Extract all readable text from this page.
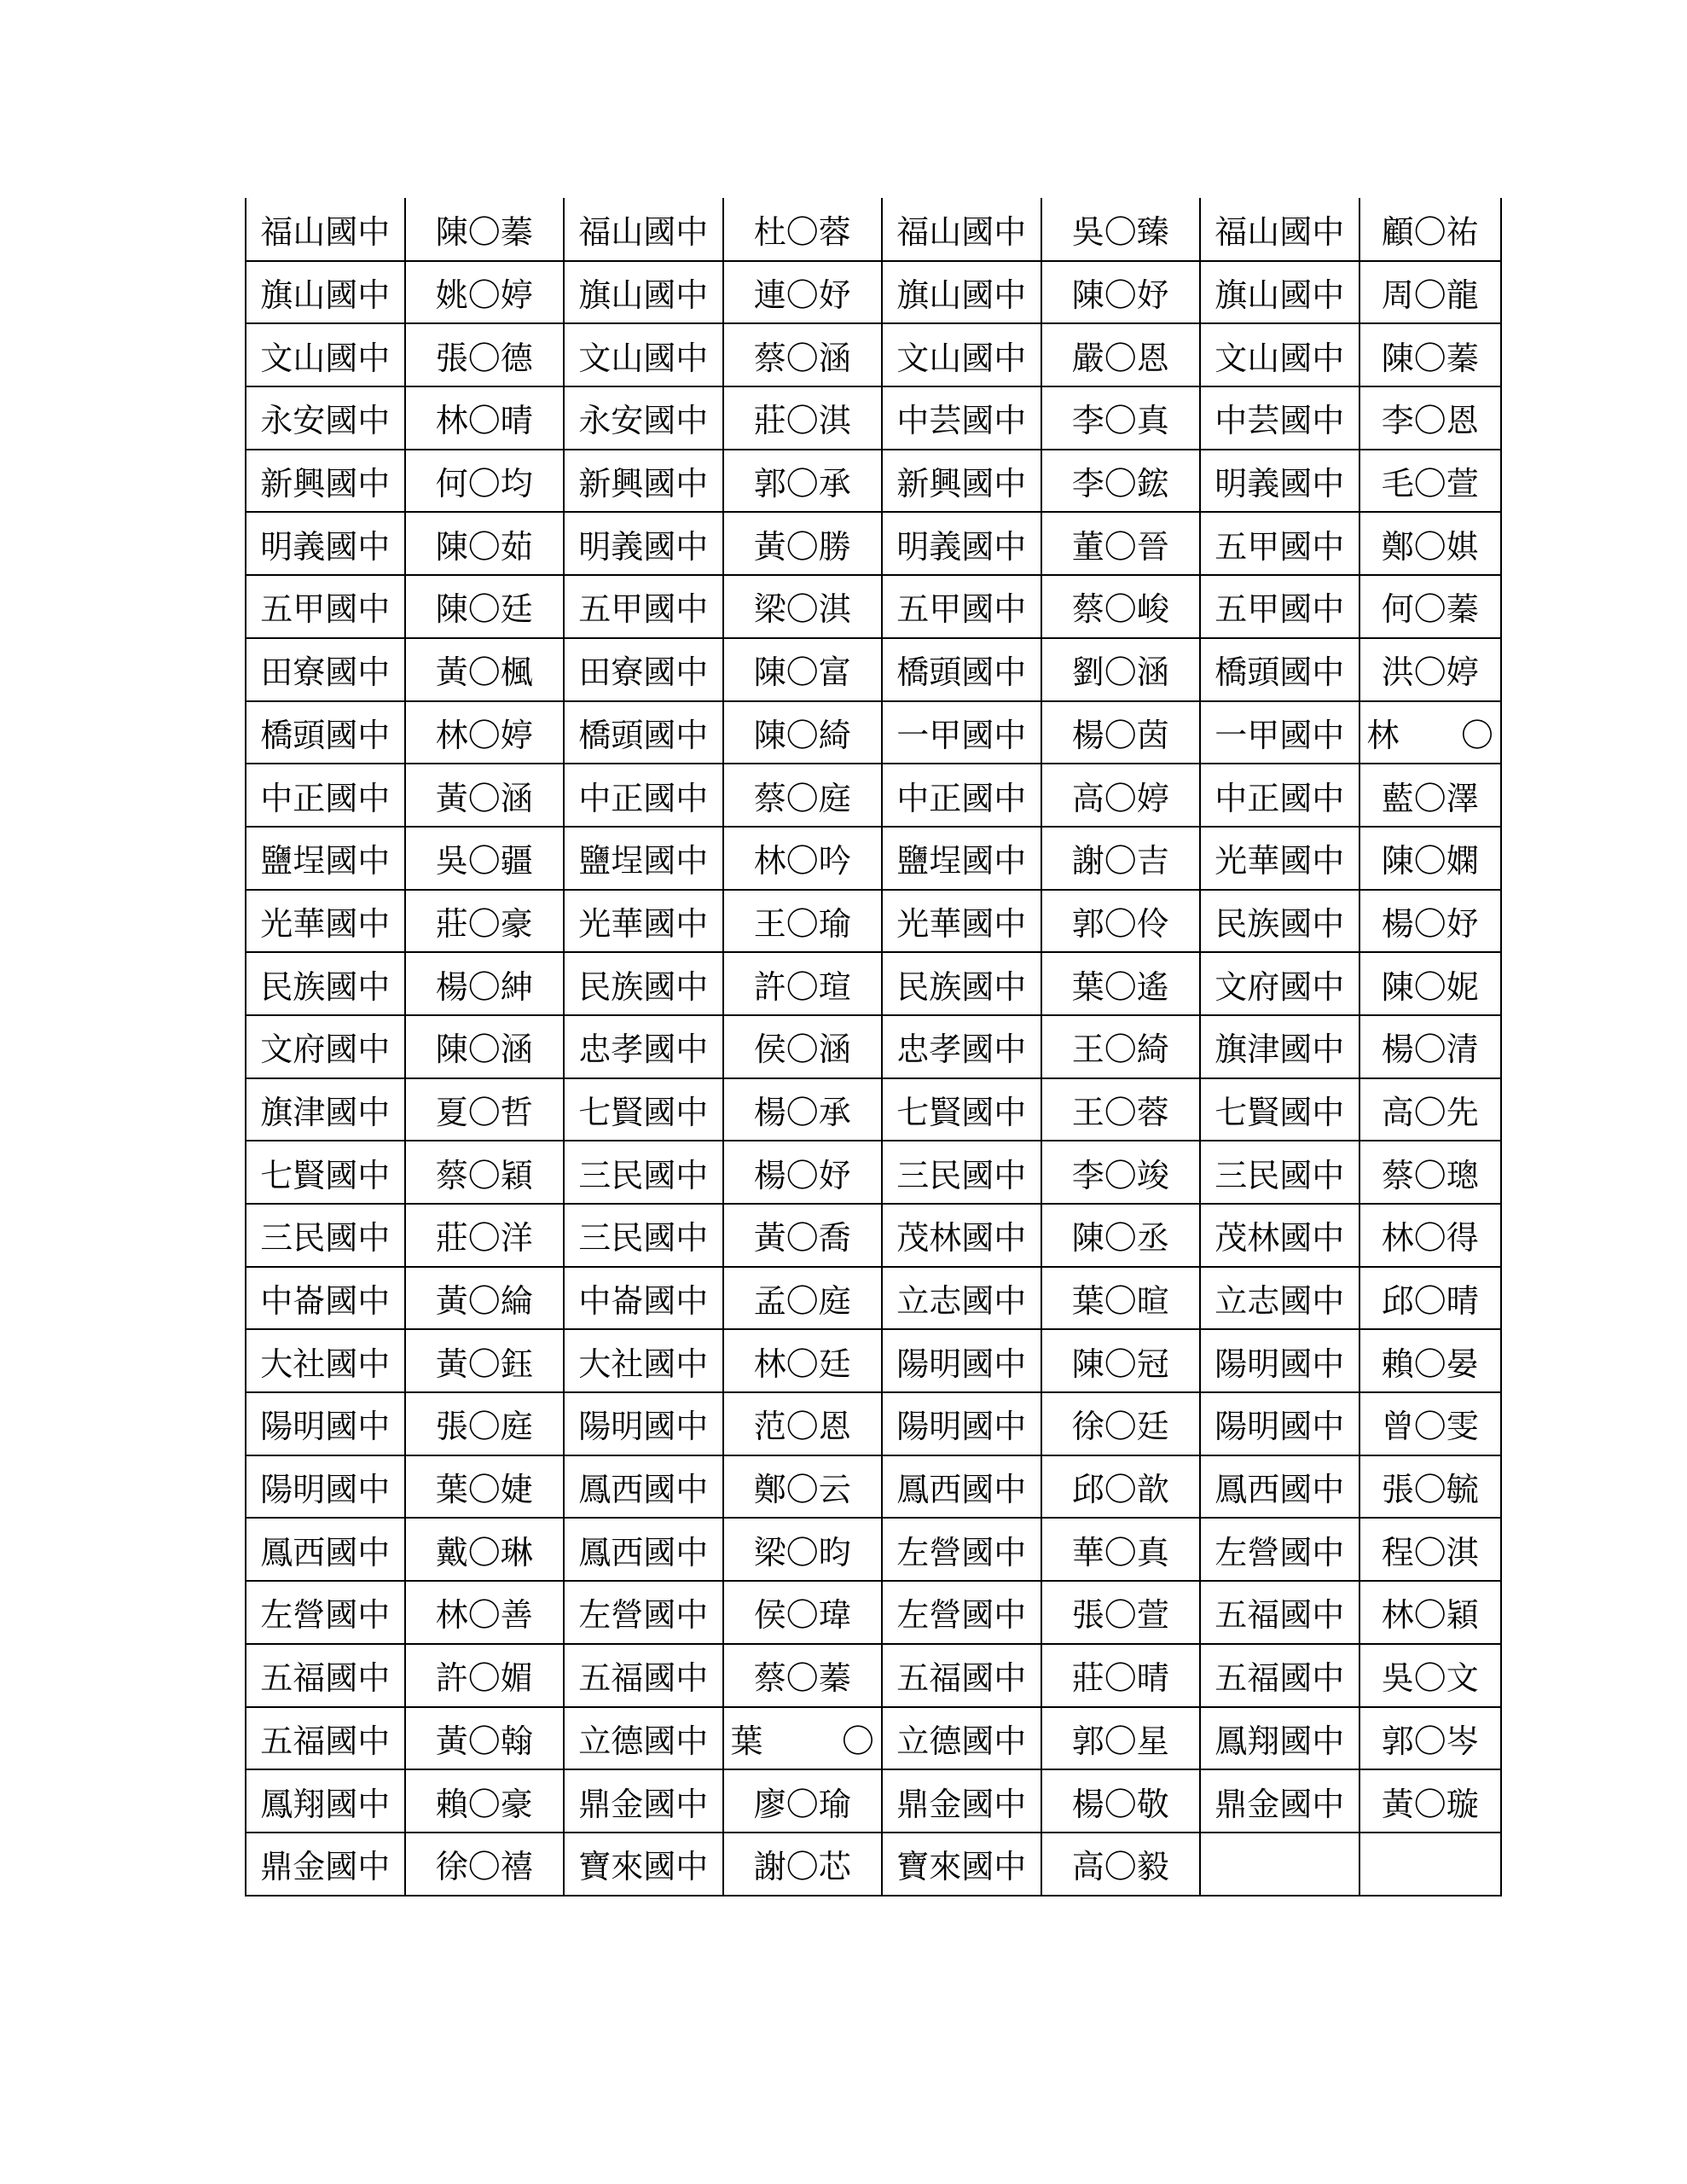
福山國中	陳〇蓁	福山國中	杜〇蓉	福山國中	吳〇臻	福山國中	顧〇祐
旗山國中	姚〇婷	旗山國中	連〇妤	旗山國中	陳〇妤	旗山國中	周〇龍
文山國中	張〇德	文山國中	蔡〇涵	文山國中	嚴〇恩	文山國中	陳〇蓁
永安國中	林〇晴	永安國中	莊〇淇	中芸國中	李〇真	中芸國中	李〇恩
新興國中	何〇均	新興國中	郭〇承	新興國中	李〇鋐	明義國中	毛〇萱
明義國中	陳〇茹	明義國中	黃〇勝	明義國中	董〇晉	五甲國中	鄭〇娸
五甲國中	陳〇廷	五甲國中	梁〇淇	五甲國中	蔡〇峻	五甲國中	何〇蓁
田寮國中	黃〇楓	田寮國中	陳〇富	橋頭國中	劉〇涵	橋頭國中	洪〇婷
橋頭國中	林〇婷	橋頭國中	陳〇綺	一甲國中	楊〇茵	一甲國中	林 〇
中正國中	黃〇涵	中正國中	蔡〇庭	中正國中	高〇婷	中正國中	藍〇澤
鹽埕國中	吳〇疆	鹽埕國中	林〇吟	鹽埕國中	謝〇吉	光華國中	陳〇嫻
光華國中	莊〇豪	光華國中	王〇瑜	光華國中	郭〇伶	民族國中	楊〇妤
民族國中	楊〇紳	民族國中	許〇瑄	民族國中	葉〇遙	文府國中	陳〇妮
文府國中	陳〇涵	忠孝國中	侯〇涵	忠孝國中	王〇綺	旗津國中	楊〇清
旗津國中	夏〇哲	七賢國中	楊〇承	七賢國中	王〇蓉	七賢國中	高〇先
七賢國中	蔡〇穎	三民國中	楊〇妤	三民國中	李〇竣	三民國中	蔡〇璁
三民國中	莊〇洋	三民國中	黃〇喬	茂林國中	陳〇丞	茂林國中	林〇得
中崙國中	黃〇綸	中崙國中	孟〇庭	立志國中	葉〇暄	立志國中	邱〇晴
大社國中	黃〇鈺	大社國中	林〇廷	陽明國中	陳〇冠	陽明國中	賴〇晏
陽明國中	張〇庭	陽明國中	范〇恩	陽明國中	徐〇廷	陽明國中	曾〇雯
陽明國中	葉〇婕	鳳西國中	鄭〇云	鳳西國中	邱〇歆	鳳西國中	張〇毓
鳳西國中	戴〇琳	鳳西國中	梁〇昀	左營國中	華〇真	左營國中	程〇淇
左營國中	林〇善	左營國中	侯〇瑋	左營國中	張〇萱	五福國中	林〇穎
五福國中	許〇媚	五福國中	蔡〇蓁	五福國中	莊〇晴	五福國中	吳〇文
五福國中	黃〇翰	立德國中	葉 〇	立德國中	郭〇星	鳳翔國中	郭〇岑
鳳翔國中	賴〇豪	鼎金國中	廖〇瑜	鼎金國中	楊〇敬	鼎金國中	黃〇璇
鼎金國中	徐〇禧	寶來國中	謝〇芯	寶來國中	高〇毅		
